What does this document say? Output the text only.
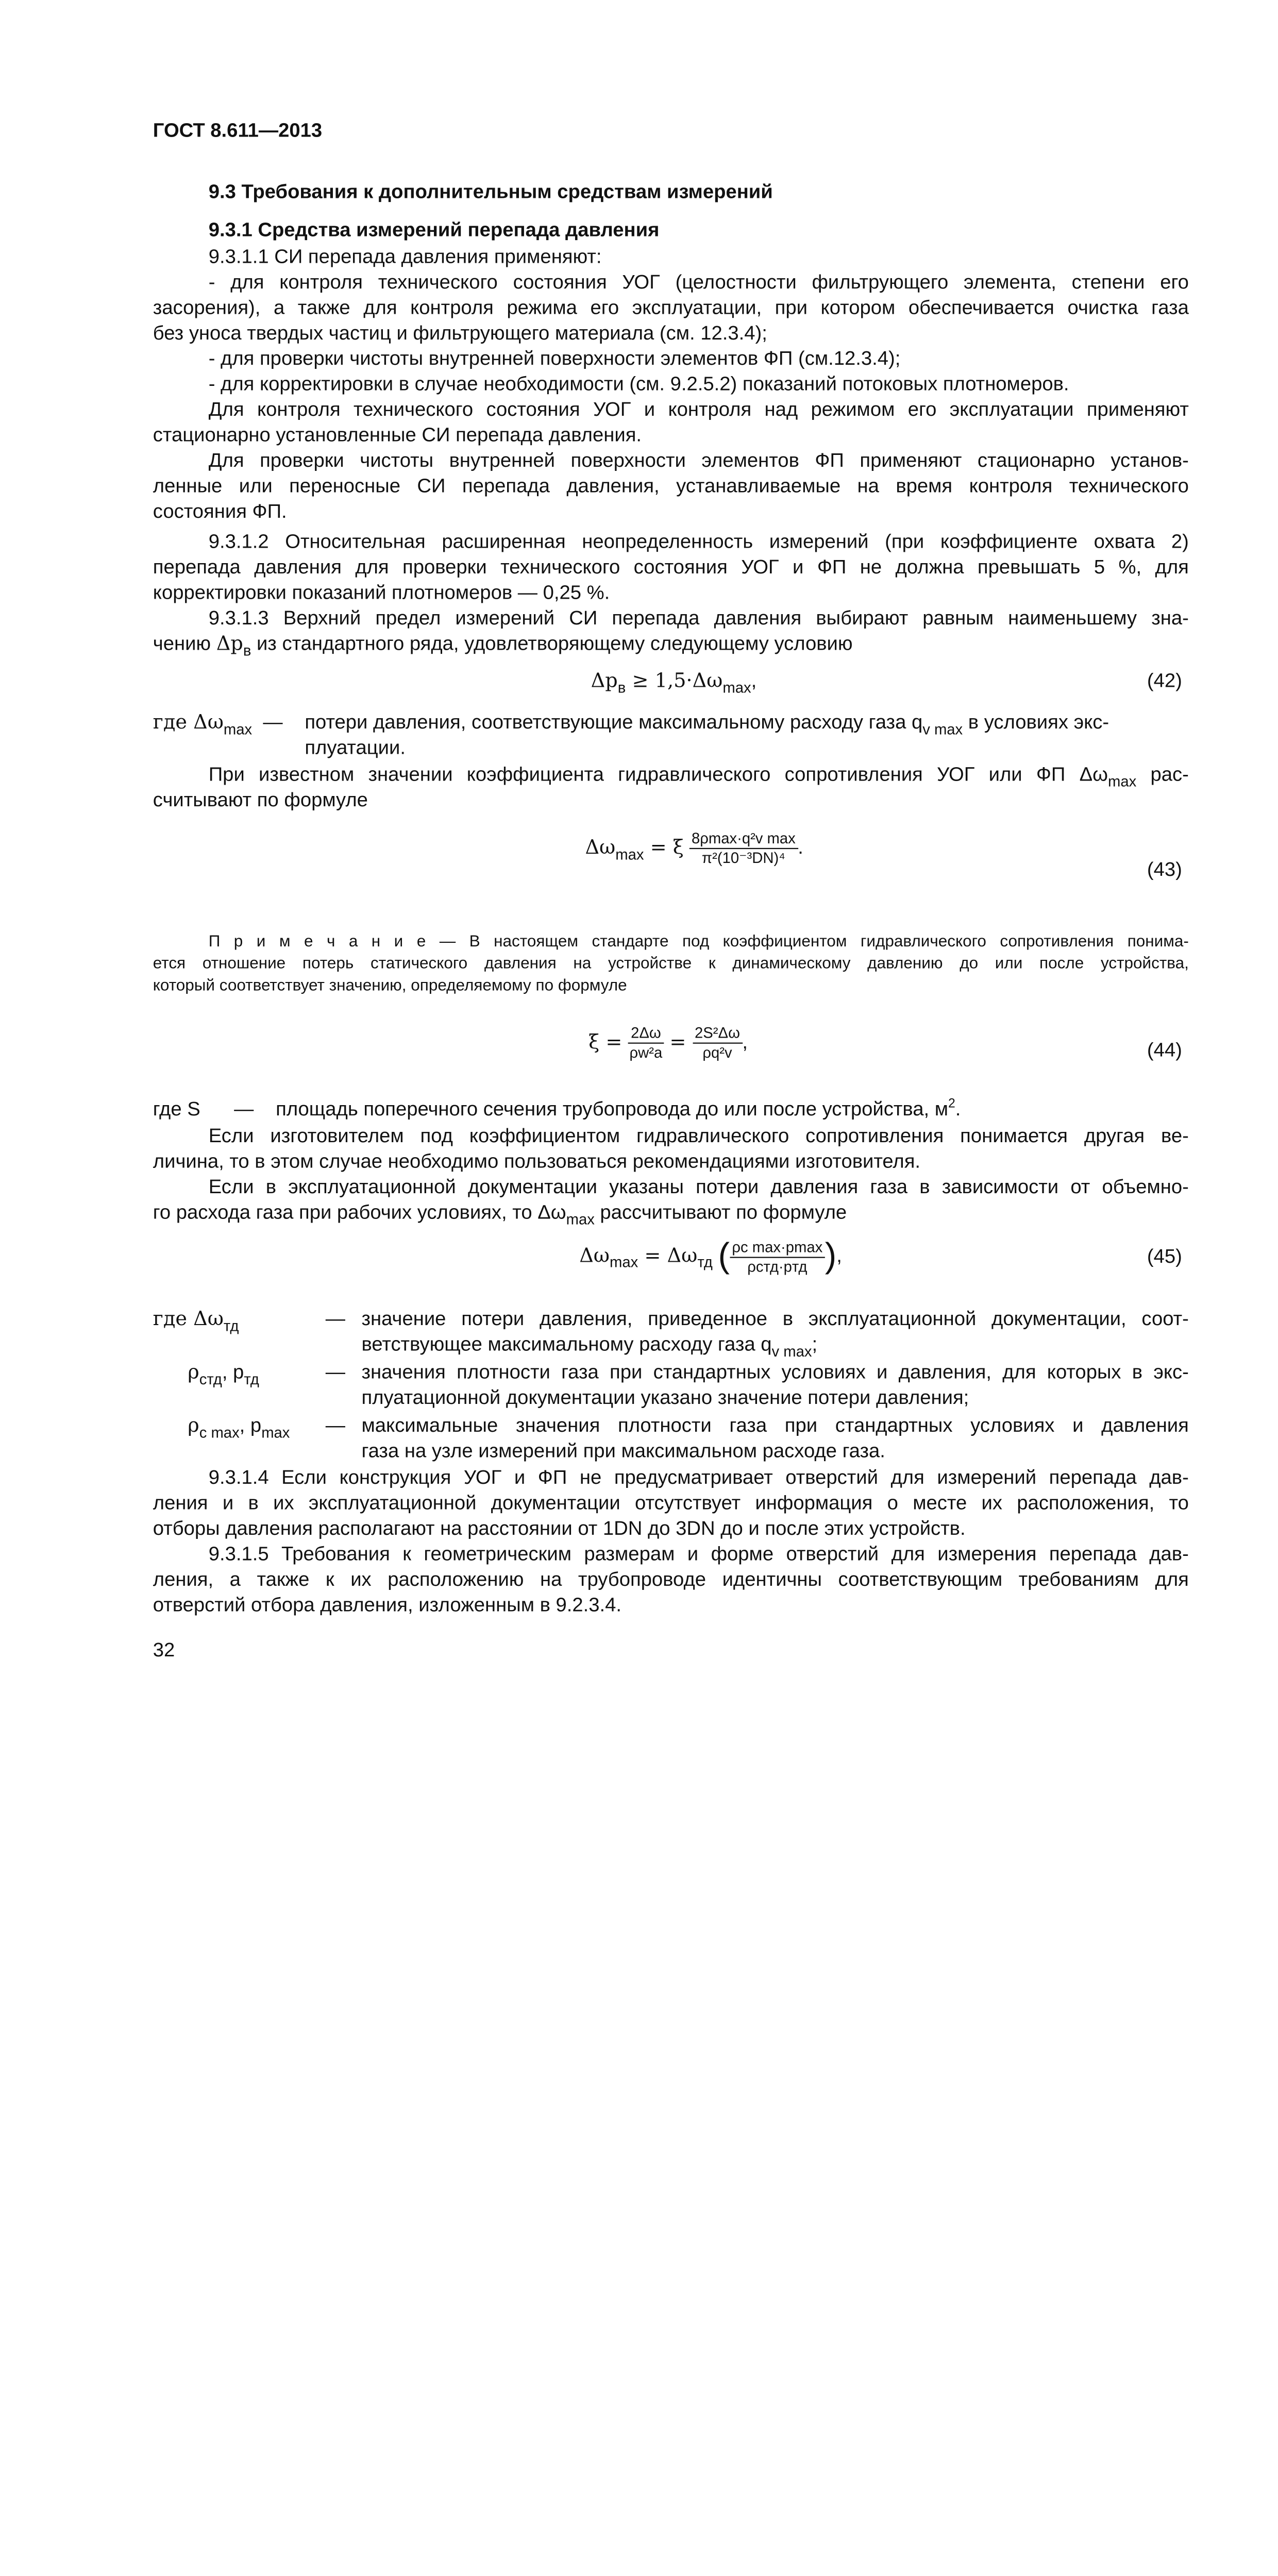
ГОСТ 8.611—2013
9.3 Требования к дополнительным средствам измерений
9.3.1 Средства измерений перепада давления
9.3.1.1 СИ перепада давления применяют:
- для контроля технического состояния УОГ (целостности фильтрующего элемента, степени его
засорения), а также для контроля режима его эксплуатации, при котором обеспечивается очистка газа
без уноса твердых частиц и фильтрующего материала (см. 12.3.4);
- для проверки чистоты внутренней поверхности элементов ФП (см.12.3.4);
- для корректировки в случае необходимости (см. 9.2.5.2) показаний потоковых плотномеров.
Для контроля технического состояния УОГ и контроля над режимом его эксплуатации применяют
стационарно установленные СИ перепада давления.
Для проверки чистоты внутренней поверхности элементов ФП применяют стационарно установ-
ленные или переносные СИ перепада давления, устанавливаемые на время контроля технического
состояния ФП.
9.3.1.2 Относительная расширенная неопределенность измерений (при коэффициенте охвата 2)
перепада давления для проверки технического состояния УОГ и ФП не должна превышать 5 %, для
корректировки показаний плотномеров — 0,25 %.
9.3.1.3 Верхний предел измерений СИ перепада давления выбирают равным наименьшему зна-
чению $\Delta p_в$ из стандартного ряда, удовлетворяющему следующему условию
$\Delta p_в \ge 1,5\cdot\Delta\omega_{max}$,	(42)
где $\Delta\omega_{max}$ —	потери давления, соответствующие максимальному расходу газа $q_{v max}$ в условиях экс-
плуатации.
При известном значении коэффициента гидравлического сопротивления УОГ или ФП $\Delta\omega_{max}$ рас-
считывают по формуле
$\Delta\omega_{max} = \xi$	8ρmax·q²v max
π²(10⁻³DN)⁴	.
(43)
П р и м е ч а н и е — В настоящем стандарте под коэффициентом гидравлического сопротивления понима-
ется отношение потерь статического давления на устройстве к динамическому давлению до или после устройства,
который соответствует значению, определяемому по формуле
$\xi = \frac{2\Delta\omega}{\text{ρw²a}} = \frac{\text{2S²Δω}}{\text{ρq²v}}$ ,	(44)
где S	—	площадь поперечного сечения трубопровода до или после устройства, $м^2$.
Если изготовителем под коэффициентом гидравлического сопротивления понимается другая ве-
личина, то в этом случае необходимо пользоваться рекомендациями изготовителя.
Если в эксплуатационной документации указаны потери давления газа в зависимости от объемно-
го расхода газа при рабочих условиях, то $\Delta\omega_{max}$ рассчитывают по формуле
$\Delta\omega_{max} = \Delta\omega_{тд}$ ( ρc max·pmax
ρстд·pтд	),	(45)
где $\Delta\omega_{тд}$	— значение потери давления, приведенное в эксплуатационной документации, соот-
ветствующее максимальному расходу газа $q_{v max}$;
$\rho_{стд}$, $p_{тд}$	— значения плотности газа при стандартных условиях и давления, для которых в экс-
плуатационной документации указано значение потери давления;
$\rho_{c max}$, $p_{max}$	— максимальные значения плотности газа при стандартных условиях и давления
газа на узле измерений при максимальном расходе газа.
9.3.1.4 Если конструкция УОГ и ФП не предусматривает отверстий для измерений перепада дав-
ления и в их эксплуатационной документации отсутствует информация о месте их расположения, то
отборы давления располагают на расстоянии от 1DN до 3DN до и после этих устройств.
9.3.1.5 Требования к геометрическим размерам и форме отверстий для измерения перепада дав-
ления, а также к их расположению на трубопроводе идентичны соответствующим требованиям для
отверстий отбора давления, изложенным в 9.2.3.4.
32
